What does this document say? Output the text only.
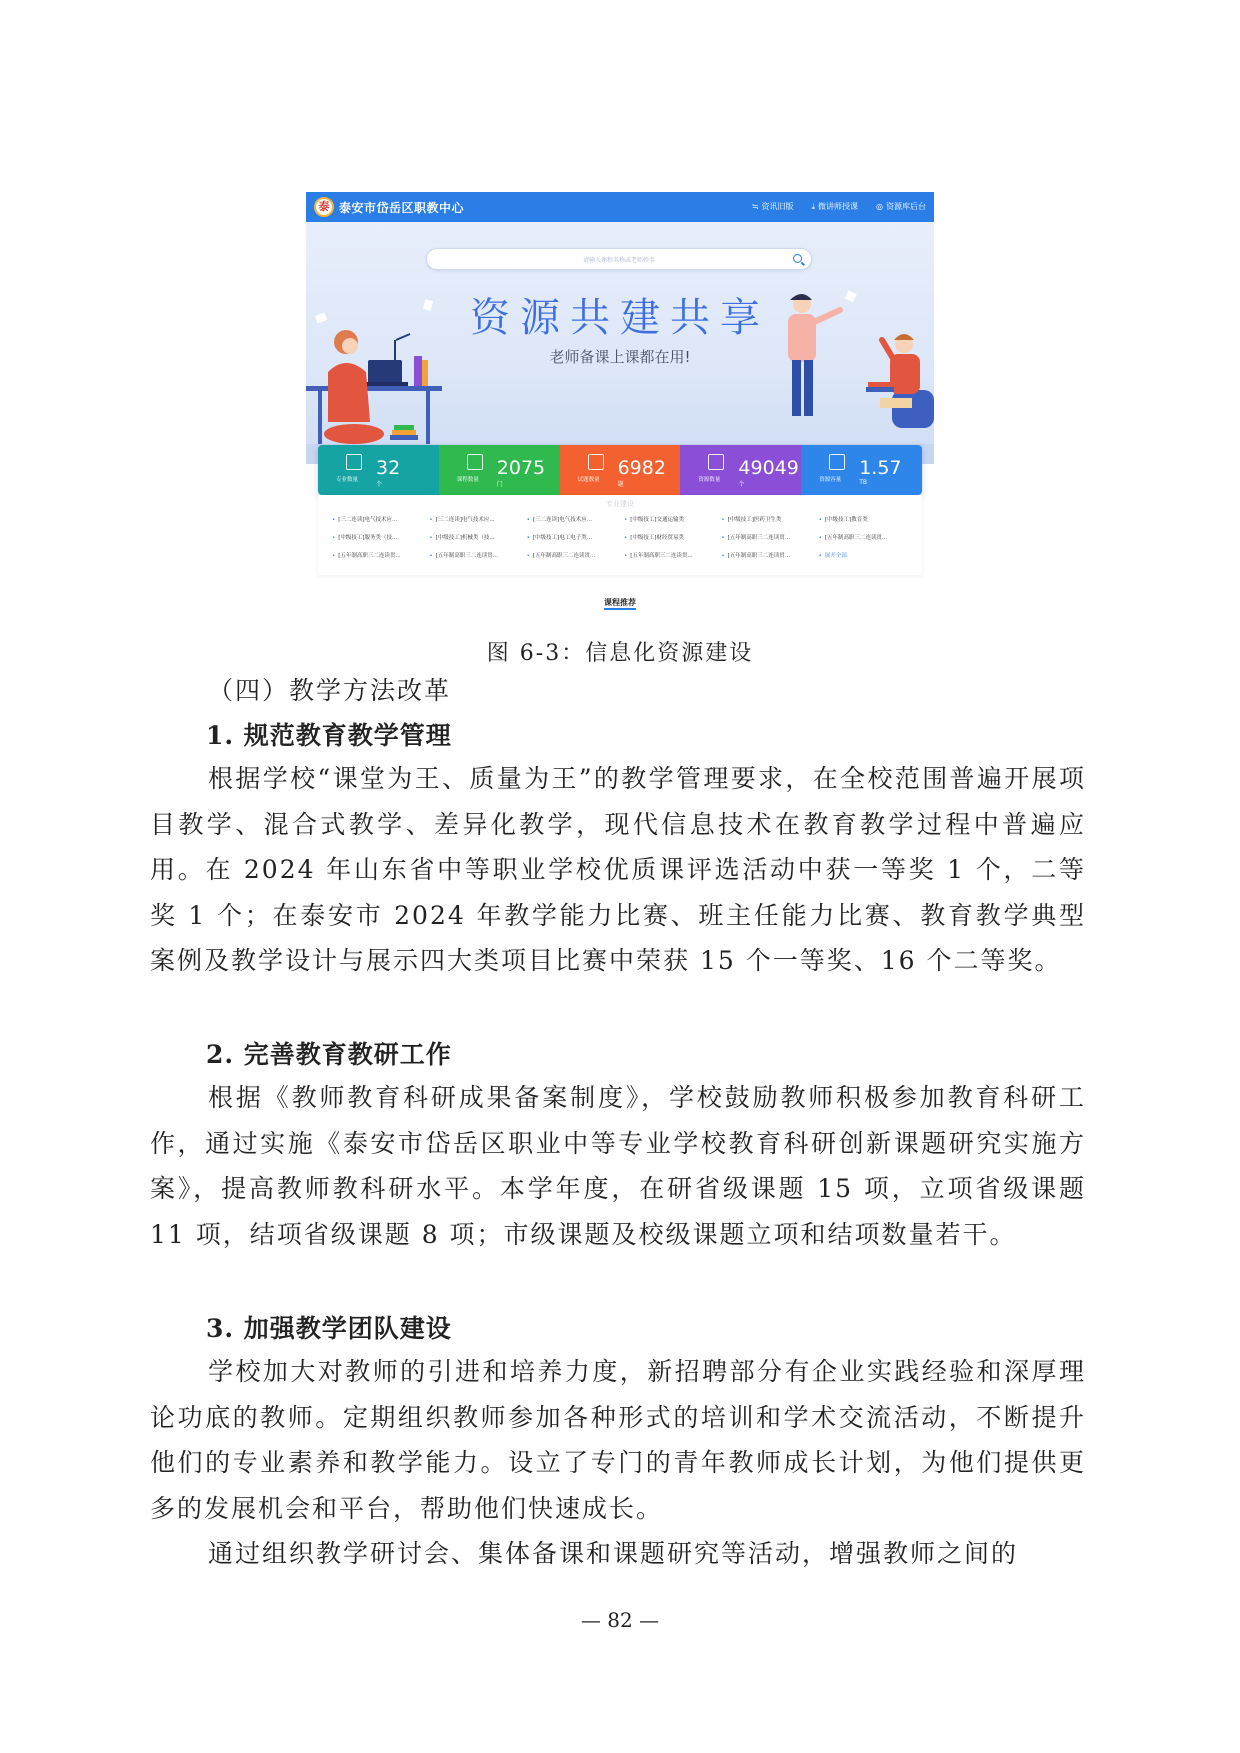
泰 泰安市岱岳区职教中心	≒ 资讯旧版 ⤓ 微讲师授课 ◎ 资源库后台
请输入课程名称或老师姓名
资源共建共享
老师备课上课都在用!
专业数量
32
个
课程数量
2075
门
试题数量
6982
题
资源数量
49049
个
资源容量
1.57
TB
专业建设
• [三二连读]电气技术应...	• [三二连读]电气技术应...	• [三二连读]电气技术应...	• [中级技工]交通运输类	• [中级技工]医药卫生类	• [中级技工]教育类
• [中级技工]服务类（技...	• [中级技工]机械类（技...	• [中级技工]电工电子类...	• [中级技工]财经贸易类	• [五年制高职三二连读贯...	• [五年制高职三二连读贯...
• [五年制高职三二连读贯...	• [五年制高职三二连读贯...	• [五年制高职三二连读贯...	• [五年制高职三二连读贯...	• [五年制高职三二连读贯...	• 展开全部
课程推荐
图 6-3：信息化资源建设
（四）教学方法改革
1. 规范教育教学管理
根据学校“课堂为王、质量为王”的教学管理要求，在全校范围普遍开展项目教学、混合式教学、差异化教学，现代信息技术在教育教学过程中普遍应用。在 2024 年山东省中等职业学校优质课评选活动中获一等奖 1 个，二等奖 1 个；在泰安市 2024 年教学能力比赛、班主任能力比赛、教育教学典型案例及教学设计与展示四大类项目比赛中荣获 15 个一等奖、16 个二等奖。
2. 完善教育教研工作
根据《教师教育科研成果备案制度》，学校鼓励教师积极参加教育科研工作，通过实施《泰安市岱岳区职业中等专业学校教育科研创新课题研究实施方案》，提高教师教科研水平。本学年度，在研省级课题 15 项，立项省级课题 11 项，结项省级课题 8 项；市级课题及校级课题立项和结项数量若干。
3. 加强教学团队建设
学校加大对教师的引进和培养力度，新招聘部分有企业实践经验和深厚理论功底的教师。定期组织教师参加各种形式的培训和学术交流活动，不断提升他们的专业素养和教学能力。设立了专门的青年教师成长计划，为他们提供更多的发展机会和平台，帮助他们快速成长。
通过组织教学研讨会、集体备课和课题研究等活动，增强教师之间的
— 82 —
